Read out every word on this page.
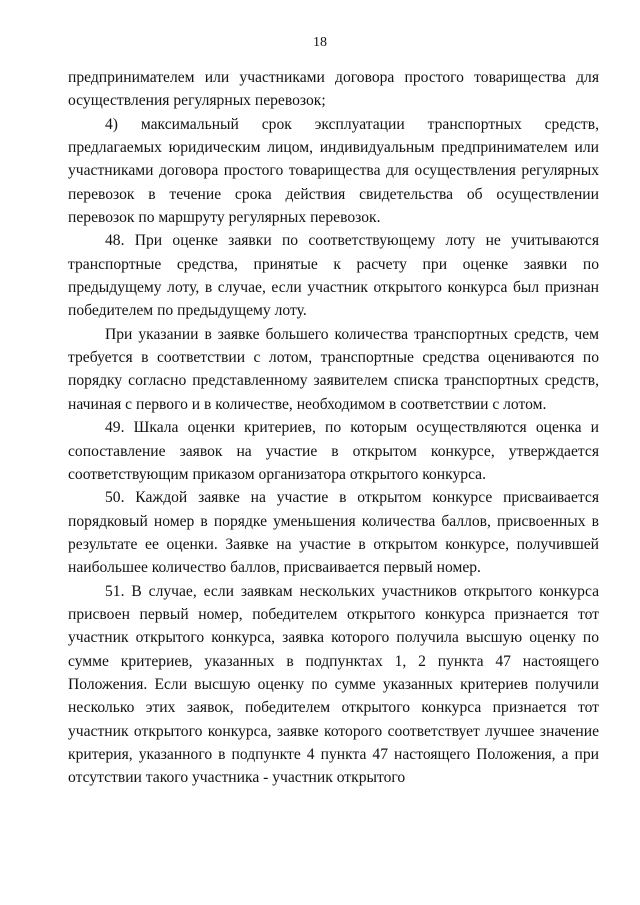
18

предпринимателем или участниками договора простого товарищества для осуществления регулярных перевозок;

4) максимальный срок эксплуатации транспортных средств, предлагаемых юридическим лицом, индивидуальным предпринимателем или участниками договора простого товарищества для осуществления регулярных перевозок в течение срока действия свидетельства об осуществлении перевозок по маршруту регулярных перевозок.

48. При оценке заявки по соответствующему лоту не учитываются транспортные средства, принятые к расчету при оценке заявки по предыдущему лоту, в случае, если участник открытого конкурса был признан победителем по предыдущему лоту.

При указании в заявке большего количества транспортных средств, чем требуется в соответствии с лотом, транспортные средства оцениваются по порядку согласно представленному заявителем списка транспортных средств, начиная с первого и в количестве, необходимом в соответствии с лотом.

49. Шкала оценки критериев, по которым осуществляются оценка и сопоставление заявок на участие в открытом конкурсе, утверждается соответствующим приказом организатора открытого конкурса.

50. Каждой заявке на участие в открытом конкурсе присваивается порядковый номер в порядке уменьшения количества баллов, присвоенных в результате ее оценки. Заявке на участие в открытом конкурсе, получившей наибольшее количество баллов, присваивается первый номер.

51. В случае, если заявкам нескольких участников открытого конкурса присвоен первый номер, победителем открытого конкурса признается тот участник открытого конкурса, заявка которого получила высшую оценку по сумме критериев, указанных в подпунктах 1, 2 пункта 47 настоящего Положения. Если высшую оценку по сумме указанных критериев получили несколько этих заявок, победителем открытого конкурса признается тот участник открытого конкурса, заявке которого соответствует лучшее значение критерия, указанного в подпункте 4 пункта 47 настоящего Положения, а при отсутствии такого участника - участник открытого
